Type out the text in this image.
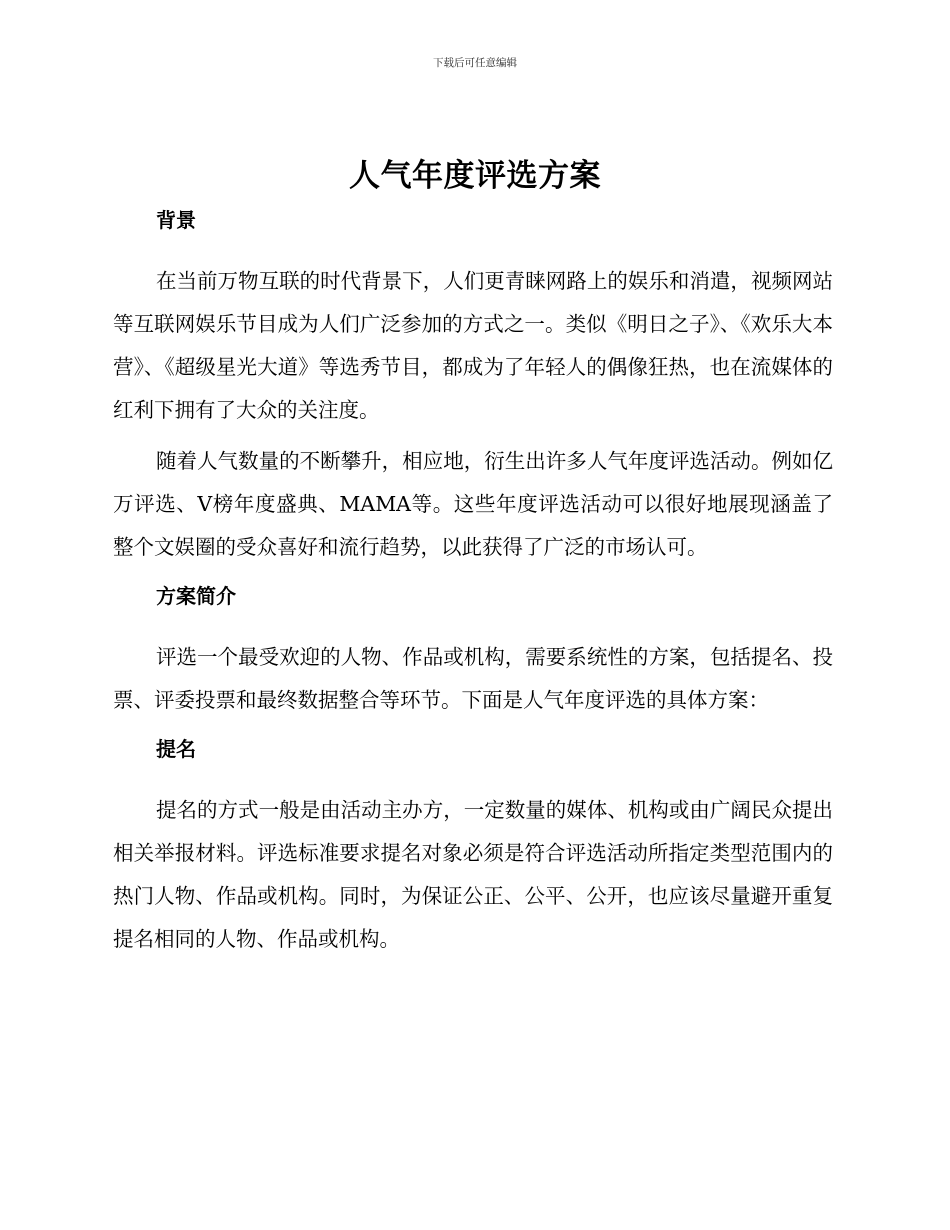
下载后可任意编辑
人气年度评选方案
背景

在当前万物互联的时代背景下，人们更青睐网路上的娱乐和消遣，视频网站等互联网娱乐节目成为人们广泛参加的方式之一。类似《明日之子》、《欢乐大本营》、《超级星光大道》等选秀节目，都成为了年轻人的偶像狂热，也在流媒体的红利下拥有了大众的关注度。

随着人气数量的不断攀升，相应地，衍生出许多人气年度评选活动。例如亿万评选、V榜年度盛典、MAMA等。这些年度评选活动可以很好地展现涵盖了整个文娱圈的受众喜好和流行趋势，以此获得了广泛的市场认可。

方案简介

评选一个最受欢迎的人物、作品或机构，需要系统性的方案，包括提名、投票、评委投票和最终数据整合等环节。下面是人气年度评选的具体方案：

提名

提名的方式一般是由活动主办方，一定数量的媒体、机构或由广阔民众提出相关举报材料。评选标准要求提名对象必须是符合评选活动所指定类型范围内的热门人物、作品或机构。同时，为保证公正、公平、公开，也应该尽量避开重复提名相同的人物、作品或机构。
